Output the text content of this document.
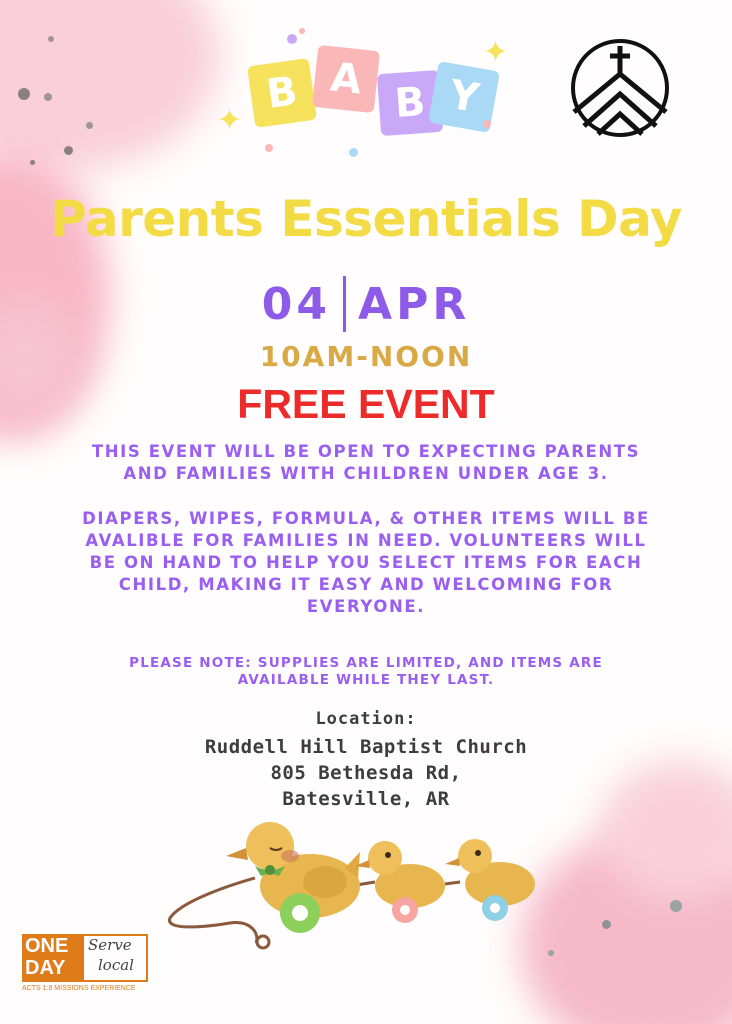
B A B Y
✦
✦
Parents Essentials Day
04 APR
10AM-NOON
FREE EVENT
THIS EVENT WILL BE OPEN TO EXPECTING PARENTS AND FAMILIES WITH CHILDREN UNDER AGE 3.
DIAPERS, WIPES, FORMULA, & OTHER ITEMS WILL BE AVALIBLE FOR FAMILIES IN NEED. VOLUNTEERS WILL BE ON HAND TO HELP YOU SELECT ITEMS FOR EACH CHILD, MAKING IT EASY AND WELCOMING FOR EVERYONE.
PLEASE NOTE: SUPPLIES ARE LIMITED, AND ITEMS ARE AVAILABLE WHILE THEY LAST.
Location:
Ruddell Hill Baptist Church
805 Bethesda Rd,
Batesville, AR
ONE
DAY
Serve
local
ACTS 1:8 MISSIONS EXPERIENCE
